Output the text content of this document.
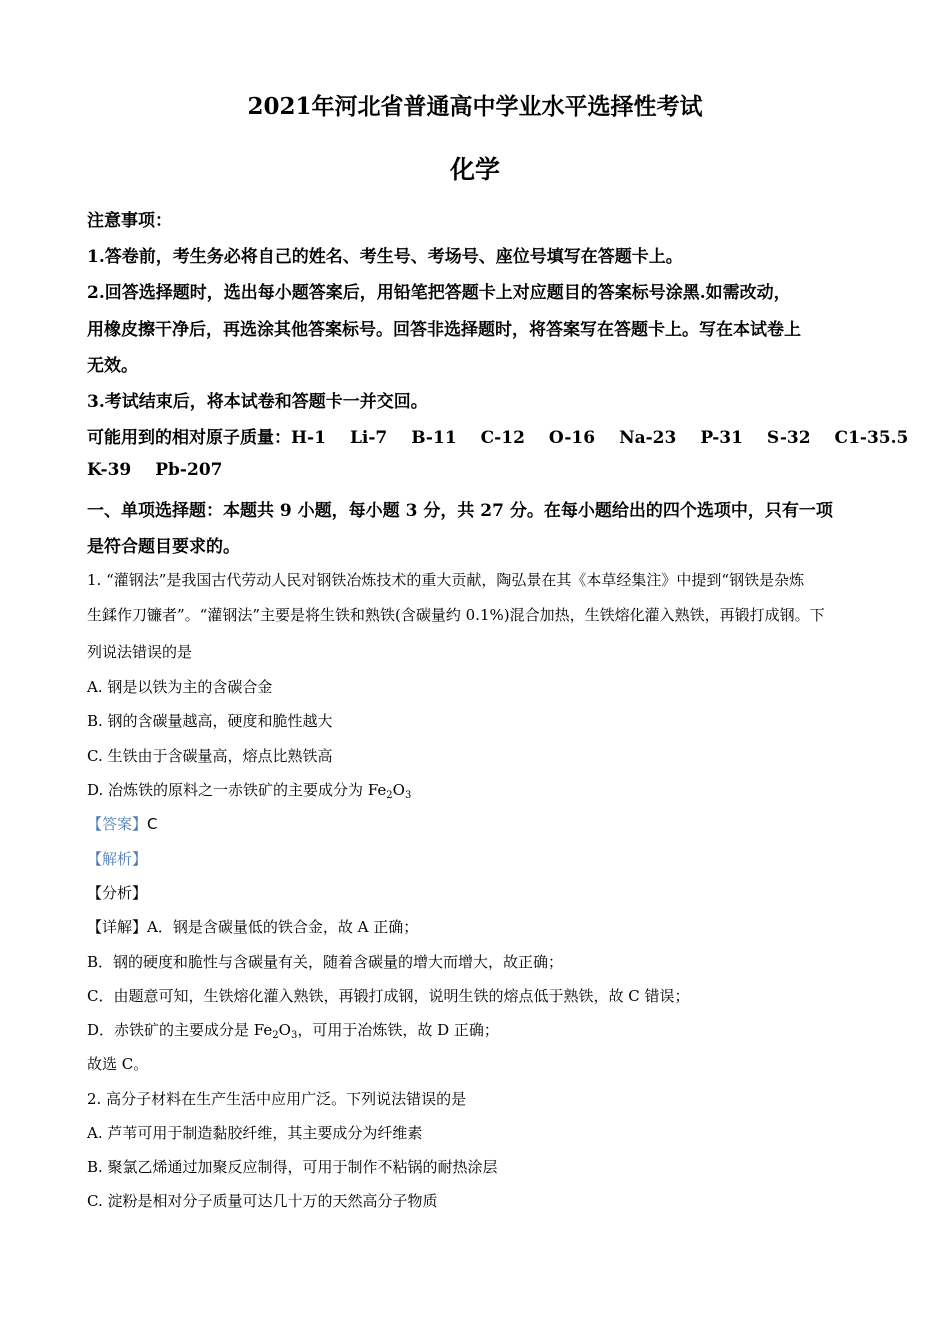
2021年河北省普通高中学业水平选择性考试
化学
注意事项：
1.答卷前，考生务必将自己的姓名、考生号、考场号、座位号填写在答题卡上。
2.回答选择题时，选出每小题答案后，用铅笔把答题卡上对应题目的答案标号涂黑.如需改动，
用橡皮擦干净后，再选涂其他答案标号。回答非选择题时，将答案写在答题卡上。写在本试卷上
无效。
3.考试结束后，将本试卷和答题卡一并交回。
可能用到的相对原子质量：H-1 Li-7 B-11 C-12 O-16 Na-23 P-31 S-32 C1-35.5
K-39 Pb-207
一、单项选择题：本题共 9 小题，每小题 3 分，共 27 分。在每小题给出的四个选项中，只有一项
是符合题目要求的。
1. “灌钢法”是我国古代劳动人民对钢铁冶炼技术的重大贡献，陶弘景在其《本草经集注》中提到“钢铁是杂炼
生鍒作刀镰者”。“灌钢法”主要是将生铁和熟铁(含碳量约 0.1%)混合加热，生铁熔化灌入熟铁，再锻打成钢。下
列说法错误的是
A. 钢是以铁为主的含碳合金
B. 钢的含碳量越高，硬度和脆性越大
C. 生铁由于含碳量高，熔点比熟铁高
D. 冶炼铁的原料之一赤铁矿的主要成分为 $Fe_2O_3$
【答案】C
【解析】
【分析】
【详解】A．钢是含碳量低的铁合金，故 A 正确；
B．钢的硬度和脆性与含碳量有关，随着含碳量的增大而增大，故正确；
C．由题意可知，生铁熔化灌入熟铁，再锻打成钢，说明生铁的熔点低于熟铁，故 C 错误；
D．赤铁矿的主要成分是 $Fe_2O_3$，可用于冶炼铁，故 D 正确；
故选 C。
2. 高分子材料在生产生活中应用广泛。下列说法错误的是
A. 芦苇可用于制造黏胶纤维，其主要成分为纤维素
B. 聚氯乙烯通过加聚反应制得，可用于制作不粘锅的耐热涂层
C. 淀粉是相对分子质量可达几十万的天然高分子物质
